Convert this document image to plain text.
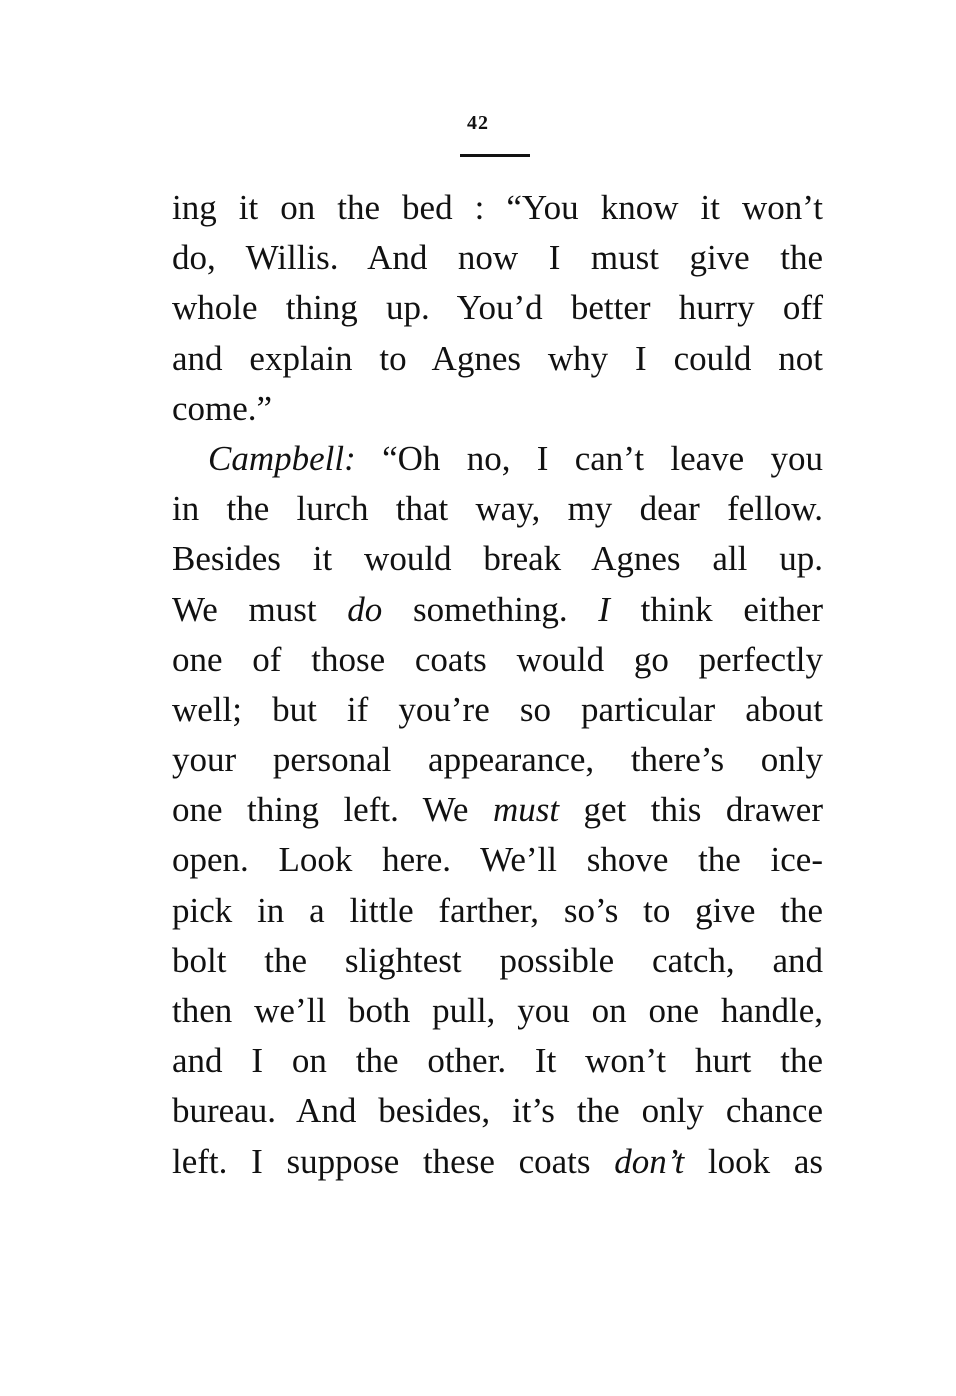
42
ing it on the bed : “You know it won’t
do, Willis. And now I must give the
whole thing up. You’d better hurry off
and explain to Agnes why I could not
come.”
Campbell: “Oh no, I can’t leave you
in the lurch that way, my dear fellow.
Besides it would break Agnes all up.
We must do something. I think either
one of those coats would go perfectly
well; but if you’re so particular about
your personal appearance, there’s only
one thing left. We must get this drawer
open. Look here. We’ll shove the ice-
pick in a little farther, so’s to give the
bolt the slightest possible catch, and
then we’ll both pull, you on one handle,
and I on the other. It won’t hurt the
bureau. And besides, it’s the only chance
left. I suppose these coats don’t look as
